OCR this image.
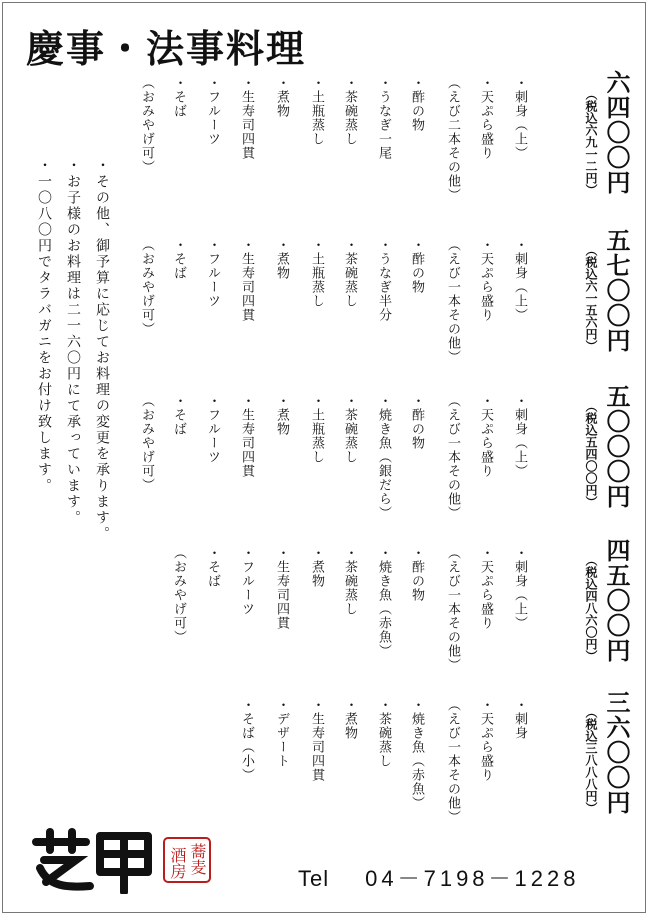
慶事・法事料理
六四〇〇円
（税込六九一二円）
・刺身（上）
・天ぷら盛り
（えび二本その他）
・酢の物
・うなぎ一尾
・茶碗蒸し
・土瓶蒸し
・煮物
・生寿司四貫
・フルーツ
・そば
（おみやげ可）
五七〇〇円
（税込六一五六円）
・刺身（上）
・天ぷら盛り
（えび一本その他）
・酢の物
・うなぎ半分
・茶碗蒸し
・土瓶蒸し
・煮物
・生寿司四貫
・フルーツ
・そば
（おみやげ可）
五〇〇〇円
（税込五四〇〇円）
・刺身（上）
・天ぷら盛り
（えび一本その他）
・酢の物
・焼き魚（銀だら）
・茶碗蒸し
・土瓶蒸し
・煮物
・生寿司四貫
・フルーツ
・そば
（おみやげ可）
四五〇〇円
（税込四八六〇円）
・刺身（上）
・天ぷら盛り
（えび一本その他）
・酢の物
・焼き魚（赤魚）
・茶碗蒸し
・煮物
・生寿司四貫
・フルーツ
・そば
（おみやげ可）
三六〇〇円
（税込三八八八円）
・刺身
・天ぷら盛り
（えび一本その他）
・焼き魚（赤魚）
・茶碗蒸し
・煮物
・生寿司四貫
・デザート
・そば（小）
・その他、御予算に応じてお料理の変更を承ります。
・お子様のお料理は二一六〇円にて承っています。
・一〇八〇円でタラバガニをお付け致します。
蕎麦
酒房	Tel 04－7198－1228
